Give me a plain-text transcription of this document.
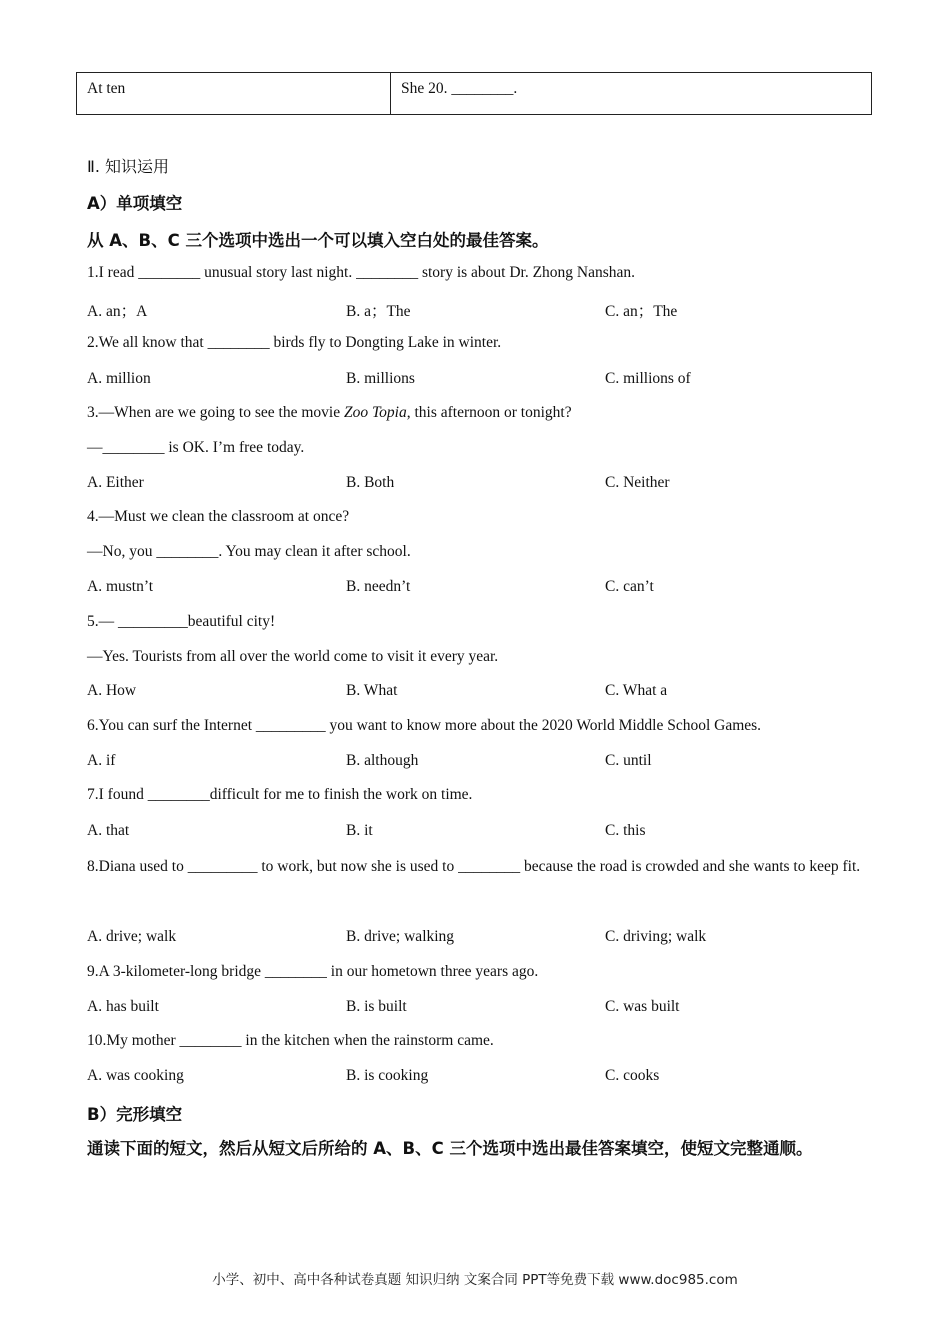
At ten	She 20. ________.
Ⅱ. 知识运用
A）单项填空
从 A、B、C 三个选项中选出一个可以填入空白处的最佳答案。
1.I read ________ unusual story last night. ________ story is about Dr. Zhong Nanshan.
A. an；A	B. a；The	C. an；The
2.We all know that ________ birds fly to Dongting Lake in winter.
A. million	B. millions	C. millions of
3.—When are we going to see the movie Zoo Topia, this afternoon or tonight?
—________ is OK. I’m free today.
A. Either	B. Both	C. Neither
4.—Must we clean the classroom at once?
—No, you ________. You may clean it after school.
A. mustn’t	B. needn’t	C. can’t
5.— _________beautiful city!
—Yes. Tourists from all over the world come to visit it every year.
A. How	B. What	C. What a
6.You can surf the Internet _________ you want to know more about the 2020 World Middle School Games.
A. if	B. although	C. until
7.I found ________difficult for me to finish the work on time.
A. that	B. it	C. this
8.Diana used to _________ to work, but now she is used to ________ because the road is crowded and she wants to keep fit.
A. drive; walk	B. drive; walking	C. driving; walk
9.A 3-kilometer-long bridge ________ in our hometown three years ago.
A. has built	B. is built	C. was built
10.My mother ________ in the kitchen when the rainstorm came.
A. was cooking	B. is cooking	C. cooks
B）完形填空
通读下面的短文，然后从短文后所给的 A、B、C 三个选项中选出最佳答案填空，使短文完整通顺。
小学、初中、高中各种试卷真题 知识归纳 文案合同 PPT等免费下载 www.doc985.com
